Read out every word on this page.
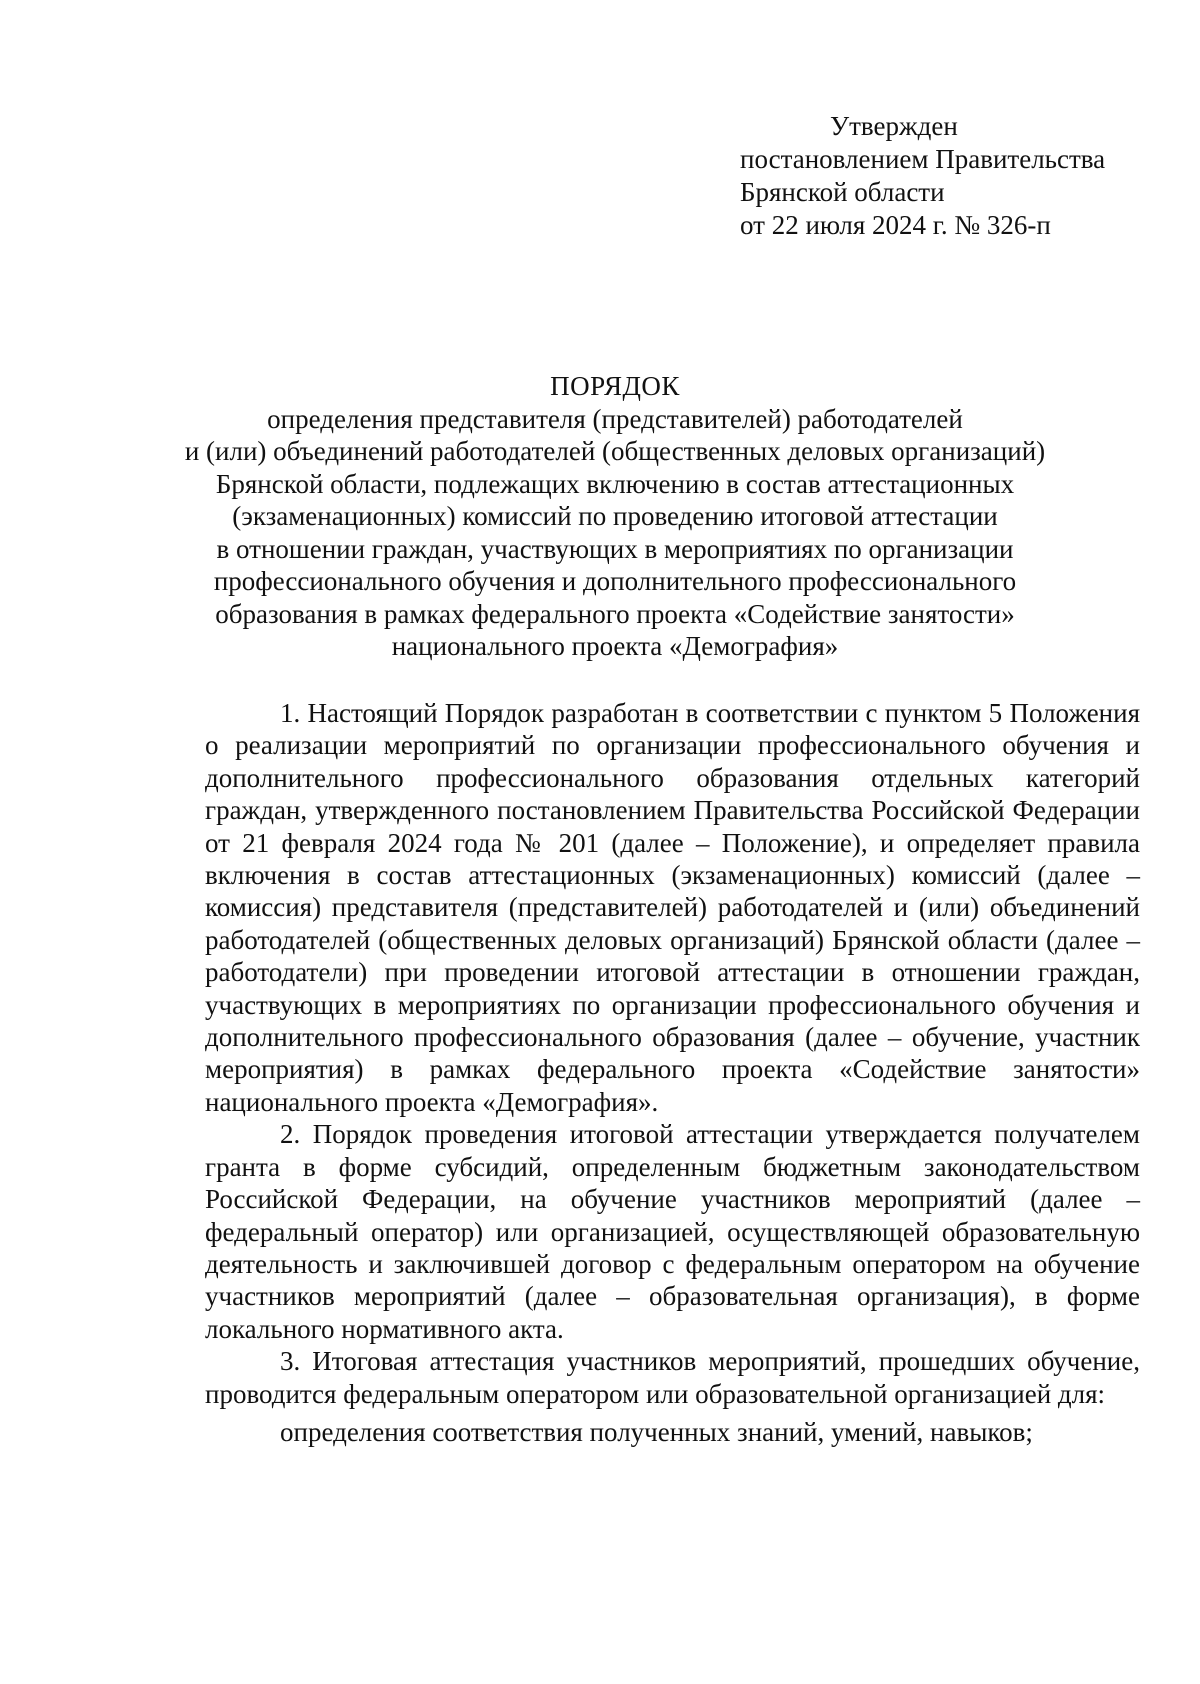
Утвержден
постановлением Правительства
Брянской области
от 22 июля 2024 г. № 326-п
ПОРЯДОК
определения представителя (представителей) работодателей
и (или) объединений работодателей (общественных деловых организаций)
Брянской области, подлежащих включению в состав аттестационных
(экзаменационных) комиссий по проведению итоговой аттестации
в отношении граждан, участвующих в мероприятиях по организации
профессионального обучения и дополнительного профессионального
образования в рамках федерального проекта «Содействие занятости»
национального проекта «Демография»

1. Настоящий Порядок разработан в соответствии с пунктом 5 Положения о реализации мероприятий по организации профессионального обучения и дополнительного профессионального образования отдельных категорий граждан, утвержденного постановлением Правительства Российской Федерации от 21 февраля 2024 года № 201 (далее – Положение), и определяет правила включения в состав аттестационных (экзаменационных) комиссий (далее – комиссия) представителя (представителей) работодателей и (или) объединений работодателей (общественных деловых организаций) Брянской области (далее – работодатели) при проведении итоговой аттестации в отношении граждан, участвующих в мероприятиях по организации профессионального обучения и дополнительного профессионального образования (далее – обучение, участник мероприятия) в рамках федерального проекта «Содействие занятости» национального проекта «Демография».

2. Порядок проведения итоговой аттестации утверждается получателем гранта в форме субсидий, определенным бюджетным законодательством Российской Федерации, на обучение участников мероприятий (далее – федеральный оператор) или организацией, осуществляющей образовательную деятельность и заключившей договор с федеральным оператором на обучение участников мероприятий (далее – образовательная организация), в форме локального нормативного акта.

3. Итоговая аттестация участников мероприятий, прошедших обучение, проводится федеральным оператором или образовательной организацией для:

определения соответствия полученных знаний, умений, навыков;
